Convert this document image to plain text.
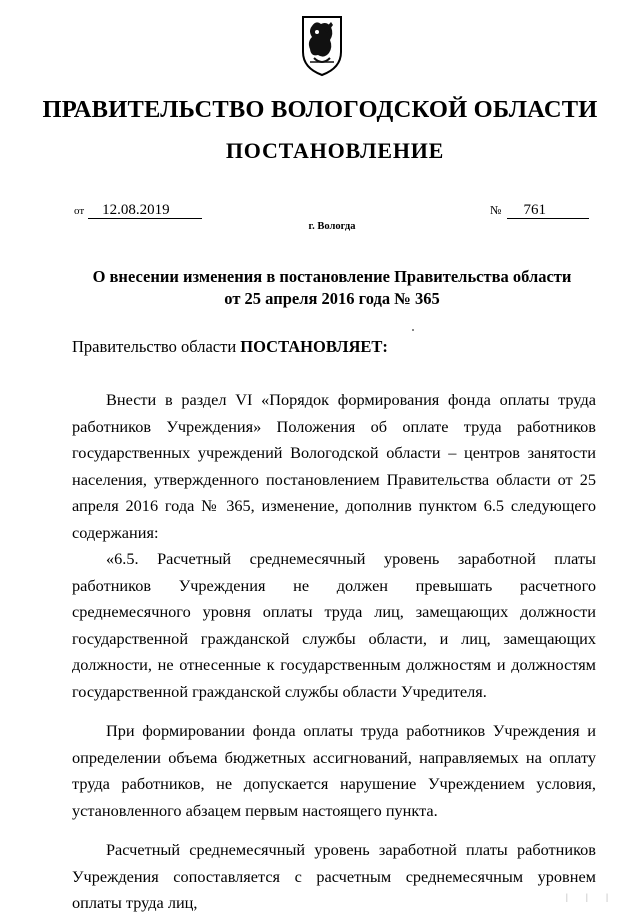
ПРАВИТЕЛЬСТВО ВОЛОГОДСКОЙ ОБЛАСТИ
ПОСТАНОВЛЕНИЕ
от 12.08.2019	№ 761
г. Вологда
О внесении изменения в постановление Правительства области
от 25 апреля 2016 года № 365
Правительство области ПОСТАНОВЛЯЕТ:

Внести в раздел VI «Порядок формирования фонда оплаты труда работников Учреждения» Положения об оплате труда работников государственных учреждений Вологодской области – центров занятости населения, утвержденного постановлением Правительства области от 25 апреля 2016 года № 365, изменение, дополнив пунктом 6.5 следующего содержания:

«6.5. Расчетный среднемесячный уровень заработной платы работников Учреждения не должен превышать расчетного среднемесячного уровня оплаты труда лиц, замещающих должности государственной гражданской службы области, и лиц, замещающих должности, не отнесенные к государственным должностям и должностям государственной гражданской службы области Учредителя.

При формировании фонда оплаты труда работников Учреждения и определении объема бюджетных ассигнований, направляемых на оплату труда работников, не допускается нарушение Учреждением условия, установленного абзацем первым настоящего пункта.

Расчетный среднемесячный уровень заработной платы работников Учреждения сопоставляется с расчетным среднемесячным уровнем оплаты труда лиц,	| | |
